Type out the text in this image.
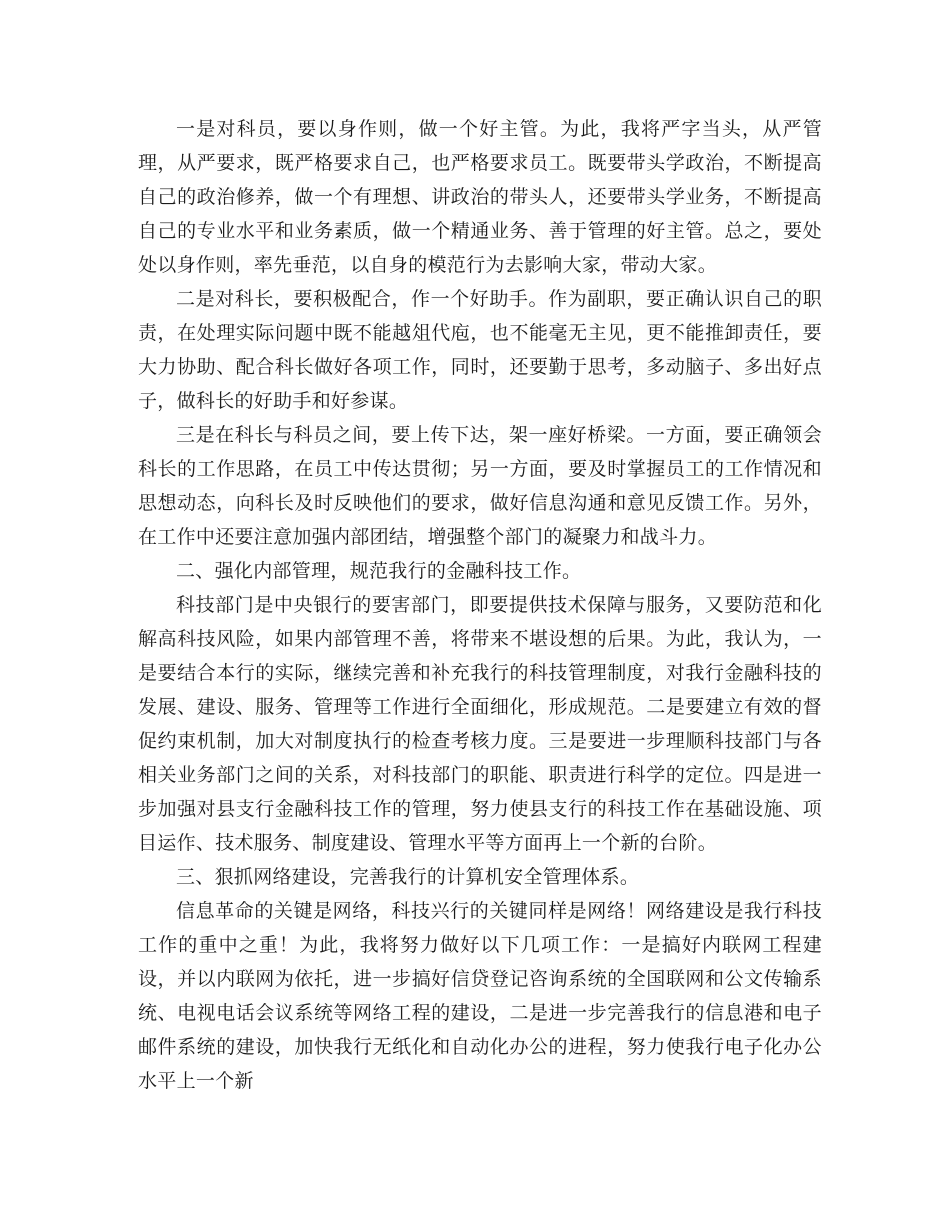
一是对科员，要以身作则，做一个好主管。为此，我将严字当头，从严管理，从严要求，既严格要求自己，也严格要求员工。既要带头学政治，不断提高自己的政治修养，做一个有理想、讲政治的带头人，还要带头学业务，不断提高自己的专业水平和业务素质，做一个精通业务、善于管理的好主管。总之，要处处以身作则，率先垂范，以自身的模范行为去影响大家，带动大家。

二是对科长，要积极配合，作一个好助手。作为副职，要正确认识自己的职责，在处理实际问题中既不能越俎代庖，也不能毫无主见，更不能推卸责任，要大力协助、配合科长做好各项工作，同时，还要勤于思考，多动脑子、多出好点子，做科长的好助手和好参谋。

三是在科长与科员之间，要上传下达，架一座好桥梁。一方面，要正确领会科长的工作思路，在员工中传达贯彻；另一方面，要及时掌握员工的工作情况和思想动态，向科长及时反映他们的要求，做好信息沟通和意见反馈工作。另外，在工作中还要注意加强内部团结，增强整个部门的凝聚力和战斗力。

二、强化内部管理，规范我行的金融科技工作。

科技部门是中央银行的要害部门，即要提供技术保障与服务，又要防范和化解高科技风险，如果内部管理不善，将带来不堪设想的后果。为此，我认为，一是要结合本行的实际，继续完善和补充我行的科技管理制度，对我行金融科技的发展、建设、服务、管理等工作进行全面细化，形成规范。二是要建立有效的督促约束机制，加大对制度执行的检查考核力度。三是要进一步理顺科技部门与各相关业务部门之间的关系，对科技部门的职能、职责进行科学的定位。四是进一步加强对县支行金融科技工作的管理，努力使县支行的科技工作在基础设施、项目运作、技术服务、制度建设、管理水平等方面再上一个新的台阶。

三、狠抓网络建设，完善我行的计算机安全管理体系。

信息革命的关键是网络，科技兴行的关键同样是网络！网络建设是我行科技工作的重中之重！为此，我将努力做好以下几项工作：一是搞好内联网工程建设，并以内联网为依托，进一步搞好信贷登记咨询系统的全国联网和公文传输系统、电视电话会议系统等网络工程的建设，二是进一步完善我行的信息港和电子邮件系统的建设，加快我行无纸化和自动化办公的进程，努力使我行电子化办公水平上一个新
